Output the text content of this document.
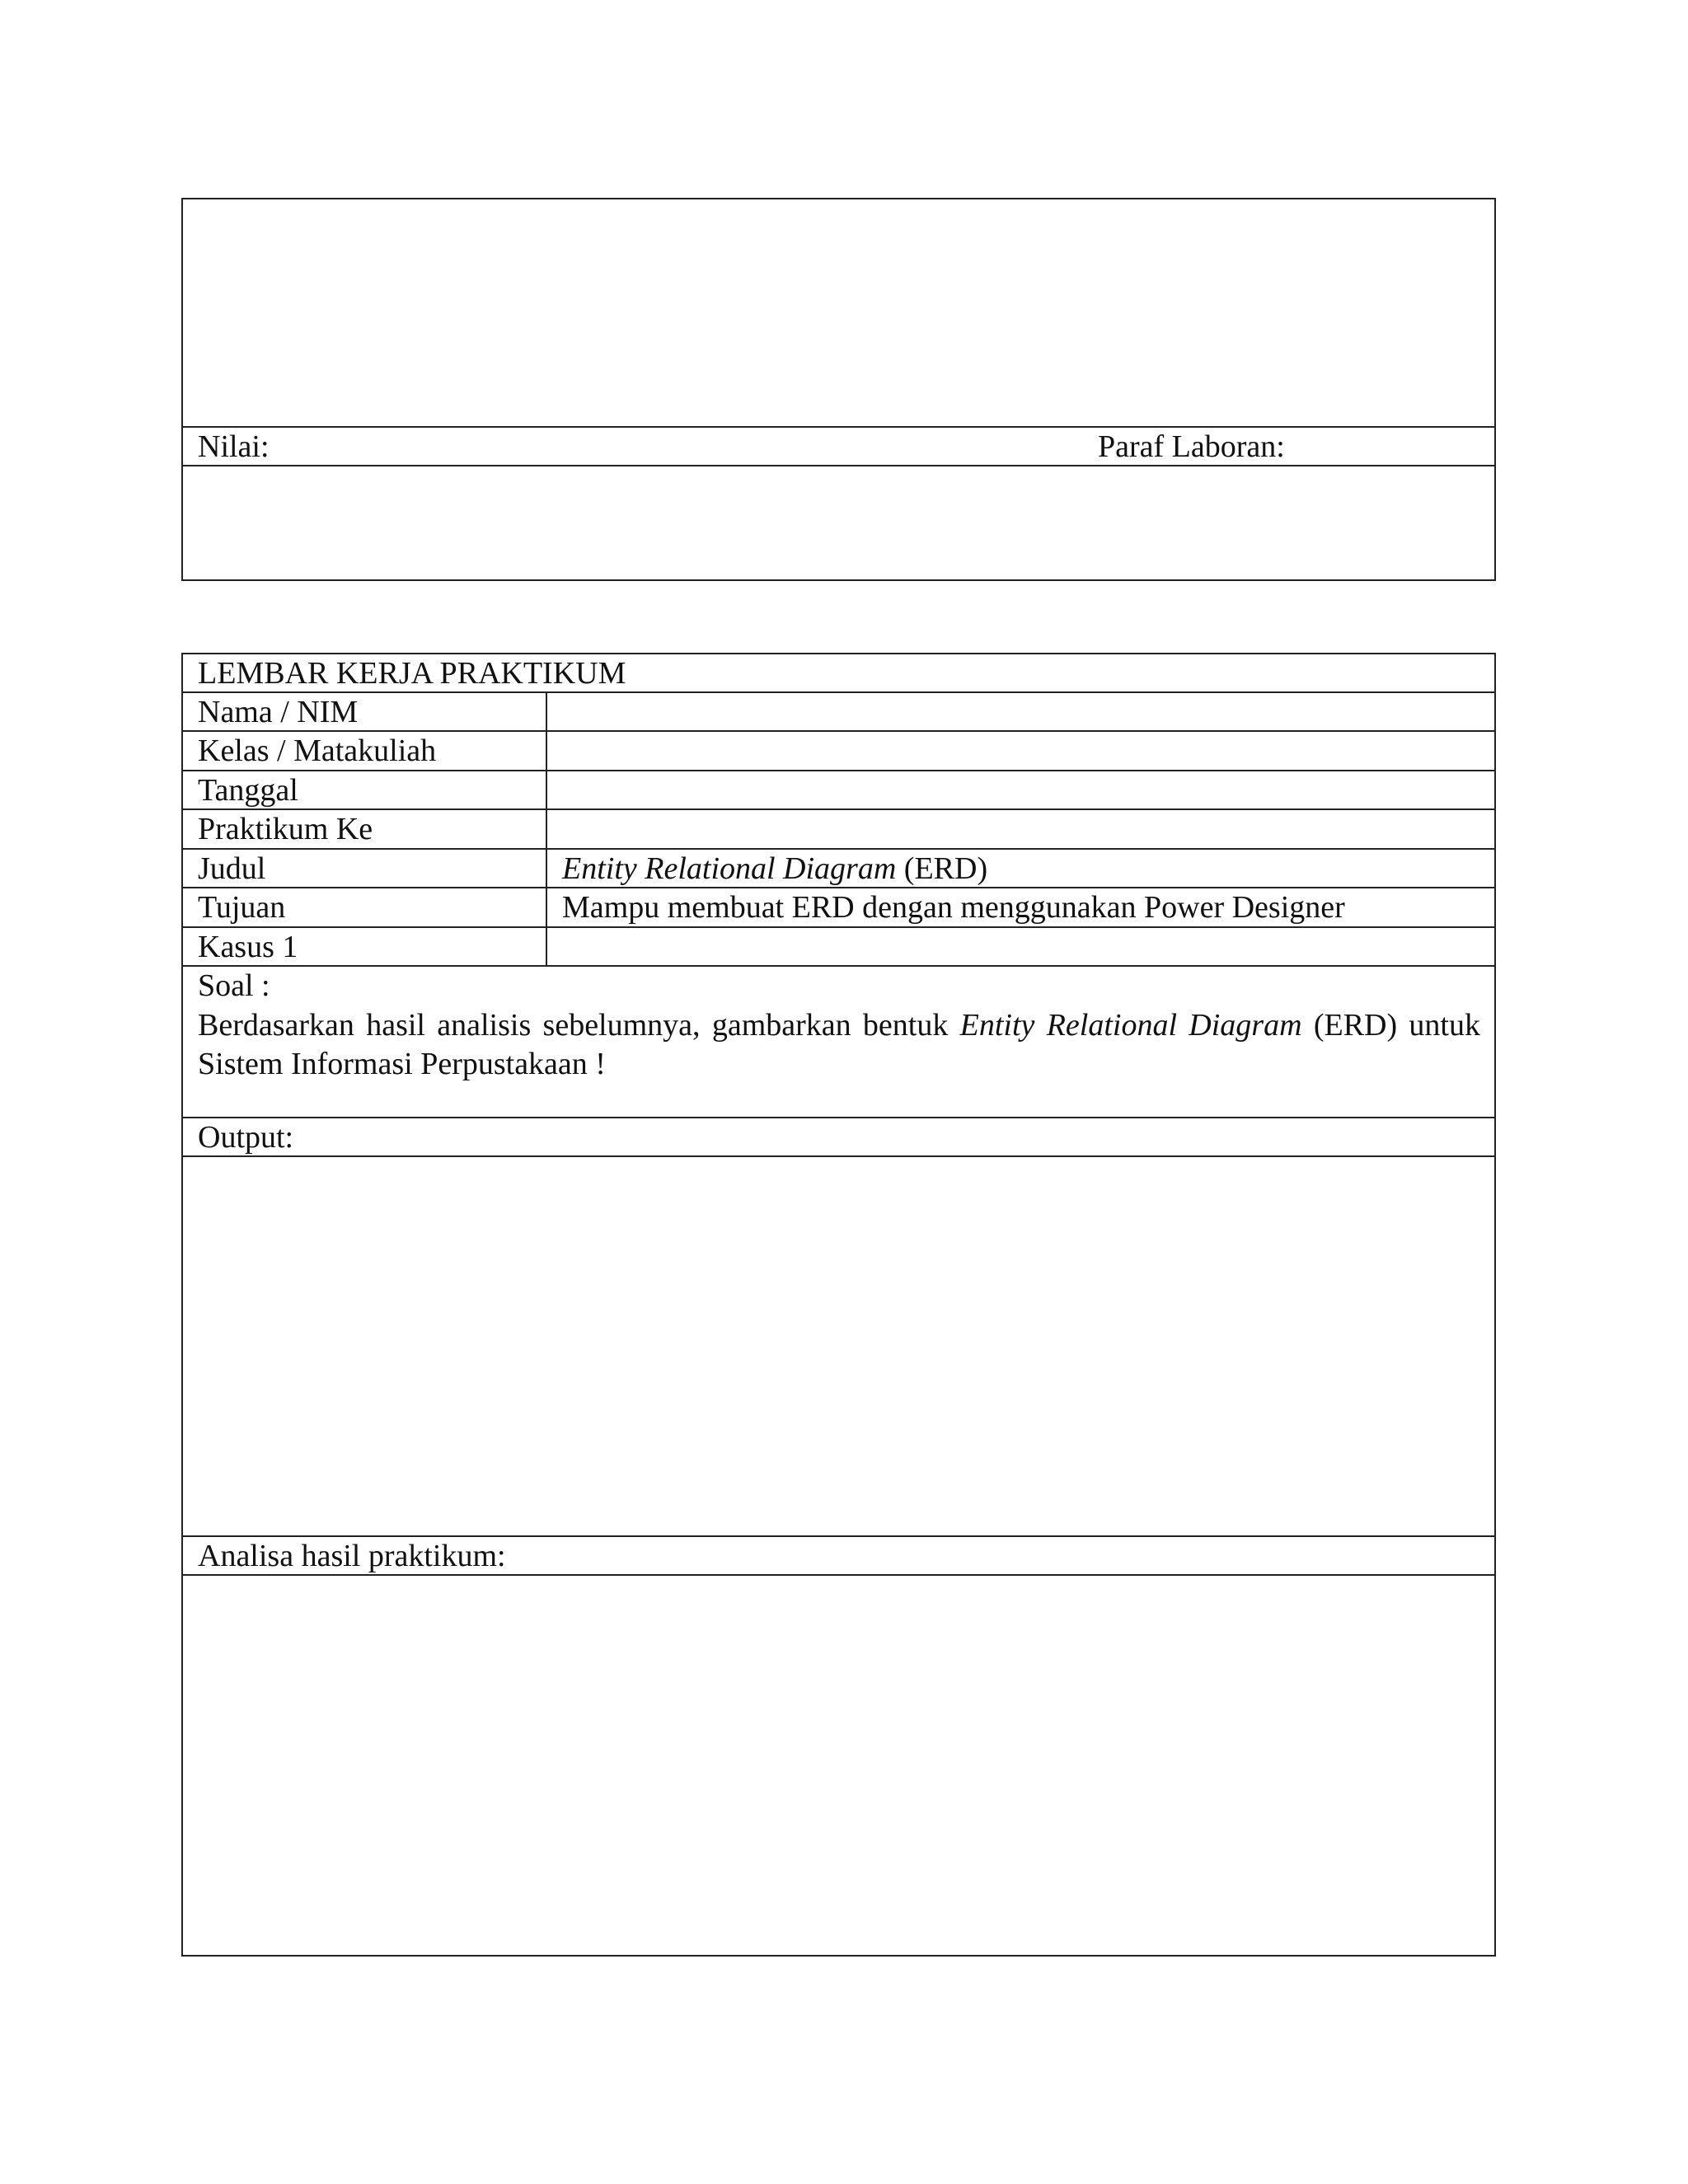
Nilai:	Paraf Laboran:
LEMBAR KERJA PRAKTIKUM
Nama / NIM
Kelas / Matakuliah
Tanggal
Praktikum Ke
Judul
Tujuan
Kasus 1
Entity Relational Diagram (ERD)
Mampu membuat ERD dengan menggunakan Power Designer
Soal :
Berdasarkan hasil analisis sebelumnya, gambarkan bentuk Entity Relational Diagram (ERD) untuk Sistem Informasi Perpustakaan !
Output:
Analisa hasil praktikum:
